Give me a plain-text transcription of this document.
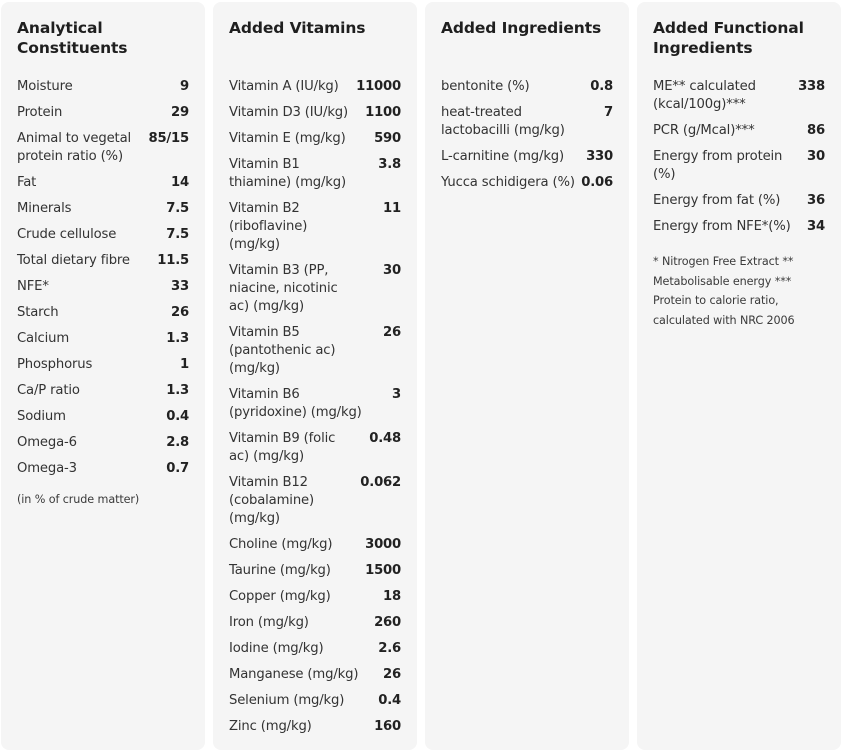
Analytical Constituents
Moisture	9
Protein	29
Animal to vegetal protein ratio (%)
85/15
Fat	14
Minerals	7.5
Crude cellulose	7.5
Total dietary fibre	11.5
NFE*	33
Starch	26
Calcium	1.3
Phosphorus	1
Ca/P ratio	1.3
Sodium	0.4
Omega-6	2.8
Omega-3	0.7
(in % of crude matter)
Added Vitamins
Vitamin A (IU/kg)	11000
Vitamin D3 (IU/kg)	1100
Vitamin E (mg/kg)	590
Vitamin B1 thiamine) (mg/kg)
3.8
Vitamin B2 (riboflavine) (mg/kg)
11
Vitamin B3 (PP, niacine, nicotinic ac) (mg/kg)
30
Vitamin B5 (pantothenic ac) (mg/kg)
26
Vitamin B6 (pyridoxine) (mg/kg)
3
Vitamin B9 (folic ac) (mg/kg)
0.48
Vitamin B12 (cobalamine) (mg/kg)
0.062
Choline (mg/kg)	3000
Taurine (mg/kg)	1500
Copper (mg/kg)	18
Iron (mg/kg)	260
Iodine (mg/kg)	2.6
Manganese (mg/kg)	26
Selenium (mg/kg)	0.4
Zinc (mg/kg)	160
Added Ingredients
bentonite (%)	0.8
heat-treated lactobacilli (mg/kg)
7
L-carnitine (mg/kg)	330
Yucca schidigera (%) 0.06
Added Functional Ingredients
ME** calculated (kcal/100g)***
338
PCR (g/Mcal)***	86
Energy from protein (%)
30
Energy from fat (%)	36
Energy from NFE*(%)	34
* Nitrogen Free Extract ** Metabolisable energy *** Protein to calorie ratio, calculated with NRC 2006
